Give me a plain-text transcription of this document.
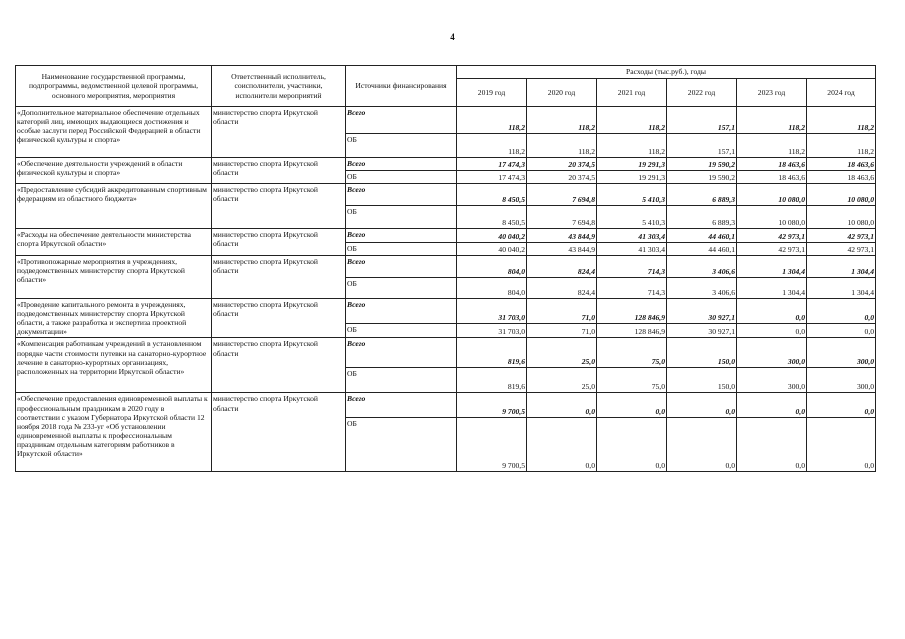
4
Наименование государственной программы, подпрограммы, ведомственной целевой программы, основного мероприятия, мероприятия	Ответственный исполнитель, соисполнители, участники, исполнители мероприятий	Источники финансирования	Расходы (тыс.руб.), годы					
			2019 год	2020 год	2021 год	2022 год	2023 год	2024 год
«Дополнительное материальное обеспечение отдельных категорий лиц, имеющих выдающиеся достижения и особые заслуги перед Российской Федерацией в области физической культуры и спорта»	министерство спорта Иркутской области	Всего	118,2	118,2	118,2	157,1	118,2	118,2
		ОБ	118,2	118,2	118,2	157,1	118,2	118,2
«Обеспечение деятельности учреждений в области физической культуры и спорта»	министерство спорта Иркутской области	Всего	17 474,3	20 374,5	19 291,3	19 590,2	18 463,6	18 463,6
		ОБ	17 474,3	20 374,5	19 291,3	19 590,2	18 463,6	18 463,6
«Предоставление субсидий аккредитованным спортивным федерациям из областного бюджета»	министерство спорта Иркутской области	Всего	8 450,5	7 694,8	5 410,3	6 889,3	10 080,0	10 080,0
		ОБ	8 450,5	7 694,8	5 410,3	6 889,3	10 080,0	10 080,0
«Расходы на обеспечение деятельности министерства спорта Иркутской области»	министерство спорта Иркутской области	Всего	40 040,2	43 844,9	41 303,4	44 460,1	42 973,1	42 973,1
		ОБ	40 040,2	43 844,9	41 303,4	44 460,1	42 973,1	42 973,1
«Противопожарные мероприятия в учреждениях, подведомственных министерству спорта Иркутской области»	министерство спорта Иркутской области	Всего	804,0	824,4	714,3	3 406,6	1 304,4	1 304,4
		ОБ	804,0	824,4	714,3	3 406,6	1 304,4	1 304,4
«Проведение капитального ремонта в учреждениях, подведомственных министерству спорта Иркутской области, а также разработка и экспертиза проектной документации»	министерство спорта Иркутской области	Всего	31 703,0	71,0	128 846,9	30 927,1	0,0	0,0
		ОБ	31 703,0	71,0	128 846,9	30 927,1	0,0	0,0
«Компенсация работникам учреждений в установленном порядке части стоимости путевки на санаторно-курортное лечение в санаторно-курортных организациях, расположенных на территории Иркутской области»	министерство спорта Иркутской области	Всего	819,6	25,0	75,0	150,0	300,0	300,0
		ОБ	819,6	25,0	75,0	150,0	300,0	300,0
«Обеспечение предоставления единовременной выплаты к профессиональным праздникам в 2020 году в соответствии с указом Губернатора Иркутской области 12 ноября 2018 года № 233-уг «Об установлении единовременной выплаты к профессиональным праздникам отдельным категориям работников в Иркутской области»	министерство спорта Иркутской области	Всего	9 700,5	0,0	0,0	0,0	0,0	0,0
		ОБ	9 700,5	0,0	0,0	0,0	0,0	0,0
